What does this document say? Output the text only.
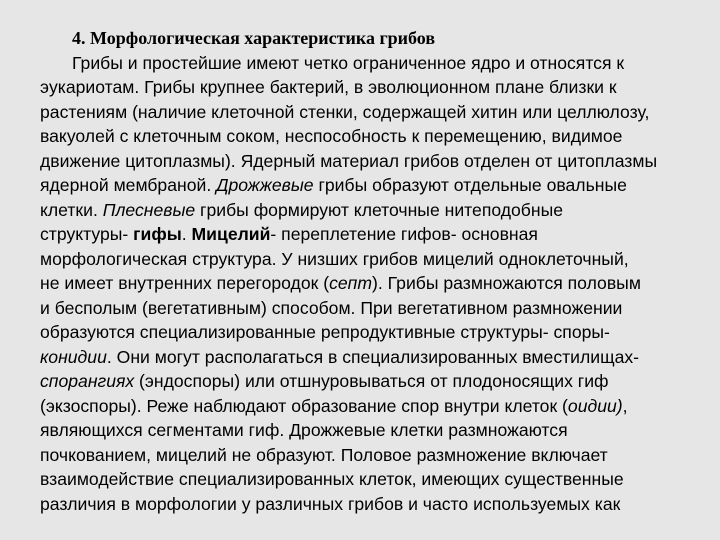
4. Морфологическая характеристика грибов
Грибы и простейшие имеют четко ограниченное ядро и относятся к
эукариотам. Грибы крупнее бактерий, в эволюционном плане близки к
растениям (наличие клеточной стенки, содержащей хитин или целлюлозу,
вакуолей с клеточным соком, неспособность к перемещению, видимое
движение цитоплазмы). Ядерный материал грибов отделен от цитоплазмы
ядерной мембраной. Дрожжевые грибы образуют отдельные овальные
клетки. Плесневые грибы формируют клеточные нитеподобные
структуры- гифы. Мицелий- переплетение гифов- основная
морфологическая структура. У низших грибов мицелий одноклеточный,
не имеет внутренних перегородок (септ). Грибы размножаются половым
и бесполым (вегетативным) способом. При вегетативном размножении
образуются специализированные репродуктивные структуры- споры-
конидии. Они могут располагаться в специализированных вместилищах-
спорангиях (эндоспоры) или отшнуровываться от плодоносящих гиф
(экзоспоры). Реже наблюдают образование спор внутри клеток (оидии),
являющихся сегментами гиф. Дрожжевые клетки размножаются
почкованием, мицелий не образуют. Половое размножение включает
взаимодействие специализированных клеток, имеющих существенные
различия в морфологии у различных грибов и часто используемых как
